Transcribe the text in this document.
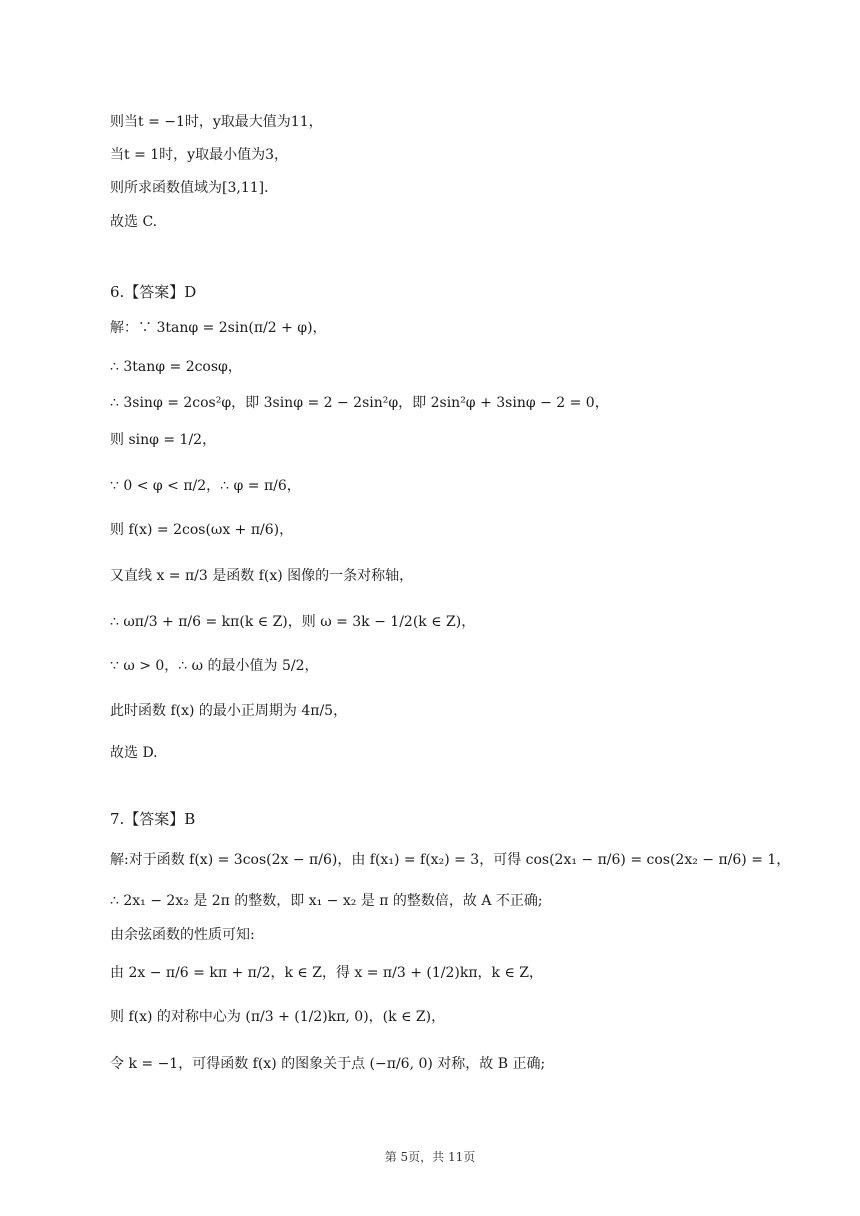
则当t = −1时，y取最大值为11，
当t = 1时，y取最小值为3，
则所求函数值域为[3,11]．
故选 C.
6.【答案】D
解：∵ 3tanφ = 2sin(π/2 + φ)，
∴ 3tanφ = 2cosφ，
∴ 3sinφ = 2cos²φ，即 3sinφ = 2 − 2sin²φ，即 2sin²φ + 3sinφ − 2 = 0，
则 sinφ = 1/2，
∵ 0 < φ < π/2，∴ φ = π/6，
则 f(x) = 2cos(ωx + π/6)，
又直线 x = π/3 是函数 f(x) 图像的一条对称轴，
∴ ωπ/3 + π/6 = kπ(k ∈ Z)，则 ω = 3k − 1/2(k ∈ Z)，
∵ ω > 0，∴ ω 的最小值为 5/2，
此时函数 f(x) 的最小正周期为 4π/5，
故选 D.
7.【答案】B
解:对于函数 f(x) = 3cos(2x − π/6)，由 f(x₁) = f(x₂) = 3，可得 cos(2x₁ − π/6) = cos(2x₂ − π/6) = 1，
∴ 2x₁ − 2x₂ 是 2π 的整数，即 x₁ − x₂ 是 π 的整数倍，故 A 不正确;
由余弦函数的性质可知:
由 2x − π/6 = kπ + π/2，k ∈ Z，得 x = π/3 + (1/2)kπ，k ∈ Z，
则 f(x) 的对称中心为 (π/3 + (1/2)kπ, 0)，(k ∈ Z)，
令 k = −1，可得函数 f(x) 的图象关于点 (−π/6, 0) 对称，故 B 正确;
第 5页，共 11页
